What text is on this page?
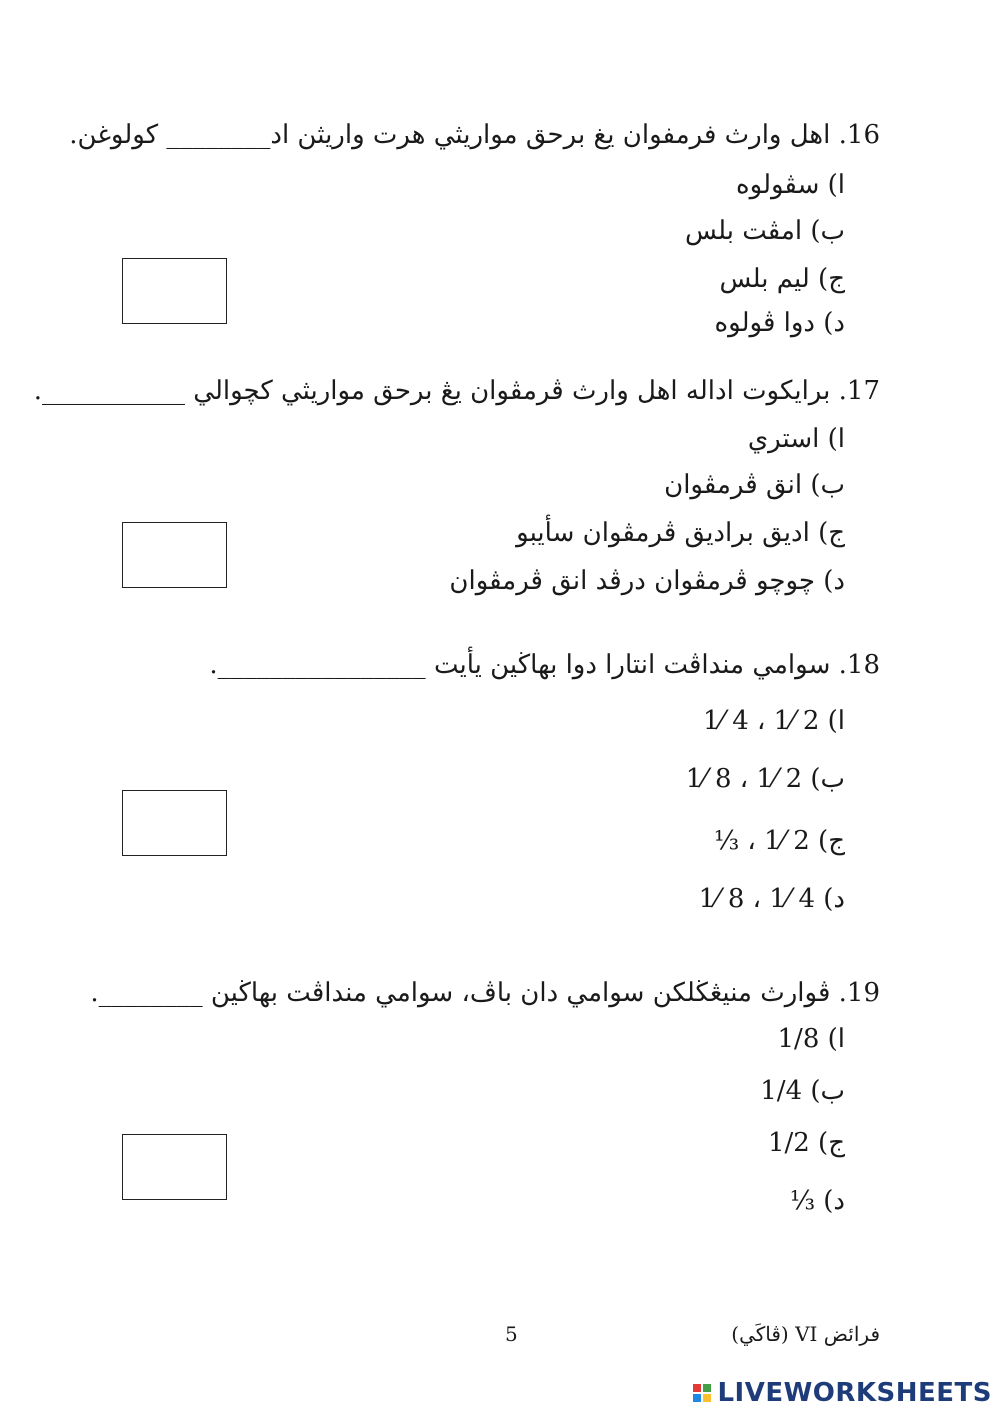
16. اهل وارث فرمفوان يغ برحق مواريثي هرت واريثن اد________ كولوغن.
ا) سڤولوه
ب) امڤت بلس
ج) ليم بلس
د) دوا ڤولوه
17. برايكوت اداله اهل وارث ڤرمڤوان يڠ برحق مواريثي كچوالي ___________.
ا) استري
ب) انق ڤرمڤوان
ج) اديق براديق ڤرمڤوان سأيبو
د) چوچو ڤرمڤوان درڤد انق ڤرمڤوان
18. سوامي منداڤت انتارا دوا بهاڬين يأيت ________________.
ا) 2 ⁄1 ، 4 ⁄1
ب) 2 ⁄1 ، 8 ⁄1
ج) 2 ⁄1 ، ⅓
د) 4 ⁄1 ، 8 ⁄1
19. ڤوارث منيڠڬلكن سوامي دان باڤ، سوامي منداڤت بهاڬين ________.
ا) 1/8
ب) 1/4
ج) 1/2
د) ⅓
فرائض VI (ڤاكَي)
5
LIVEWORKSHEETS
